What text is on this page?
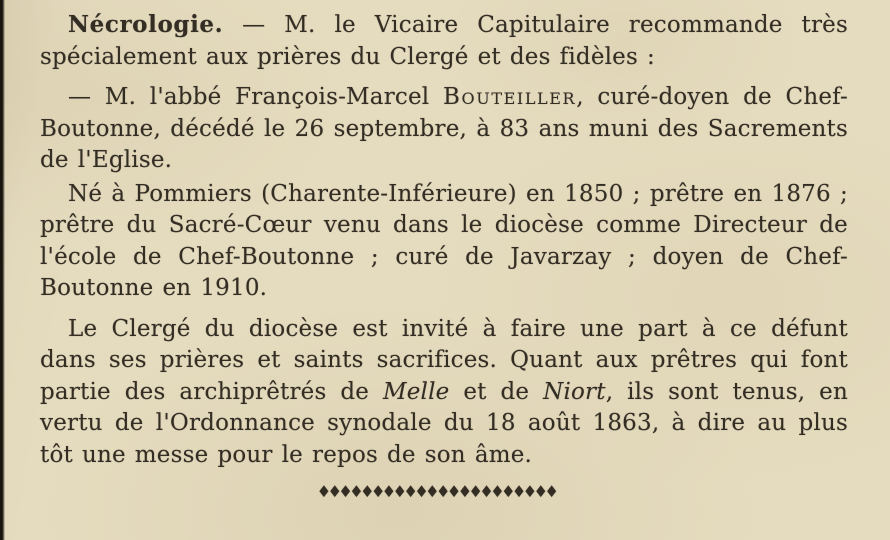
Nécrologie. — M. le Vicaire Capitulaire recommande très spécialement aux prières du Clergé et des fidèles :

— M. l'abbé François-Marcel Bouteiller, curé-doyen de Chef-Boutonne, décédé le 26 septembre, à 83 ans muni des Sacrements de l'Eglise.

Né à Pommiers (Charente-Inférieure) en 1850 ; prêtre en 1876 ; prêtre du Sacré-Cœur venu dans le diocèse comme Directeur de l'école de Chef-Boutonne ; curé de Javarzay ; doyen de Chef-Boutonne en 1910.

Le Clergé du diocèse est invité à faire une part à ce défunt dans ses prières et saints sacrifices. Quant aux prêtres qui font partie des archiprêtrés de Melle et de Niort, ils sont tenus, en vertu de l'Ordonnance synodale du 18 août 1863, à dire au plus tôt une messe pour le repos de son âme.

♦♦♦♦♦♦♦♦♦♦♦♦♦♦♦♦♦♦♦♦♦♦
